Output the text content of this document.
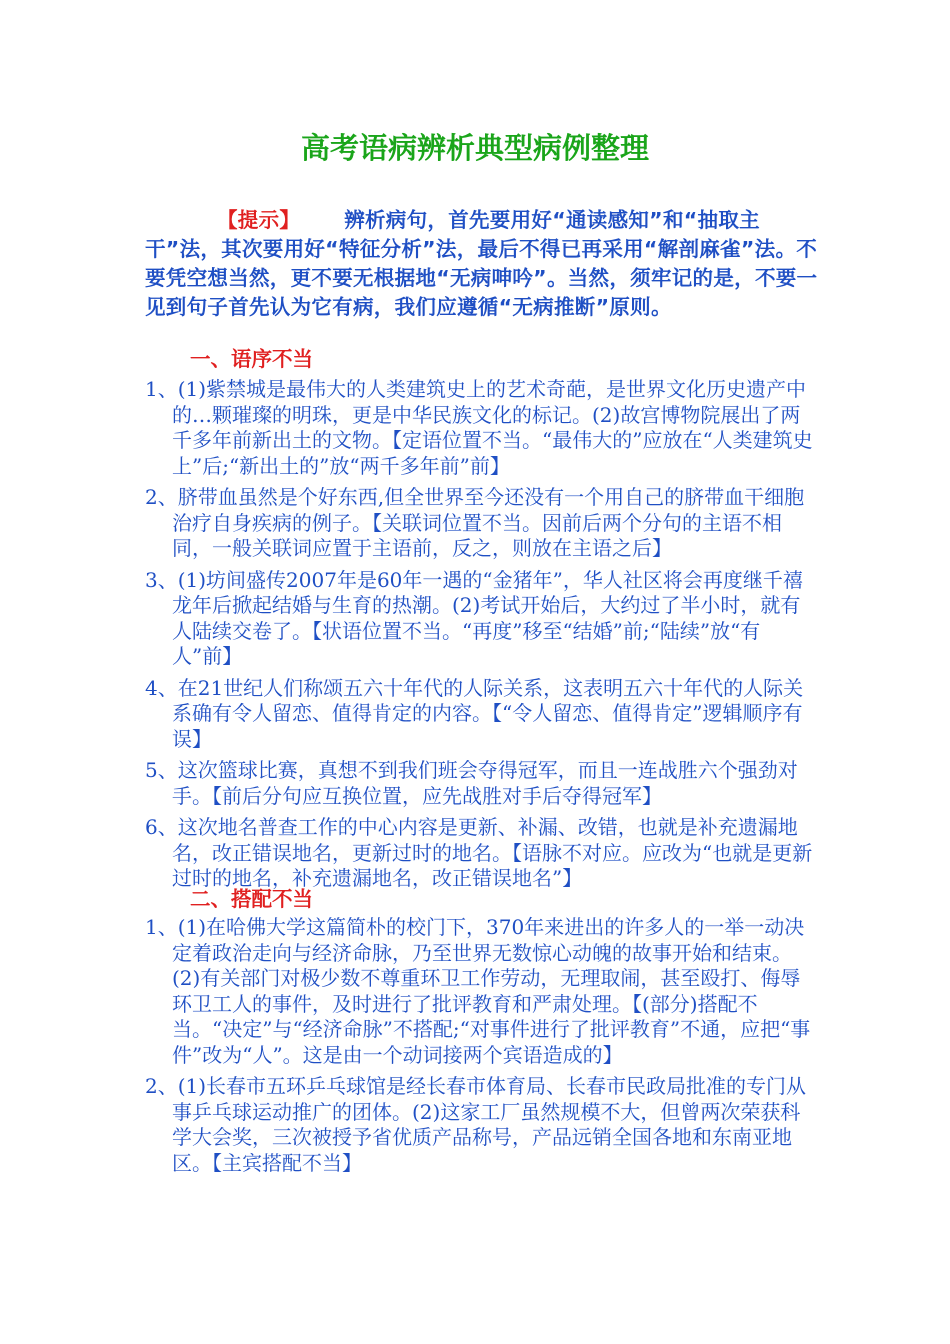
高考语病辨析典型病例整理
【提示】 辨析病句，首先要用好“通读感知”和“抽取主干”法，其次要用好“特征分析”法，最后不得已再采用“解剖麻雀”法。不要凭空想当然，更不要无根据地“无病呻吟”。当然，须牢记的是，不要一见到句子首先认为它有病，我们应遵循“无病推断”原则。
一、语序不当
1、(1)紫禁城是最伟大的人类建筑史上的艺术奇葩，是世界文化历史遗产中的…颗璀璨的明珠，更是中华民族文化的标记。(2)故宫博物院展出了两千多年前新出土的文物。【定语位置不当。“最伟大的”应放在“人类建筑史上”后;“新出土的”放“两千多年前”前】
2、脐带血虽然是个好东西,但全世界至今还没有一个用自己的脐带血干细胞治疗自身疾病的例子。【关联词位置不当。因前后两个分句的主语不相同，一般关联词应置于主语前，反之，则放在主语之后】
3、(1)坊间盛传2007年是60年一遇的“金猪年”，华人社区将会再度继千禧龙年后掀起结婚与生育的热潮。(2)考试开始后，大约过了半小时，就有人陆续交卷了。【状语位置不当。“再度”移至“结婚”前;“陆续”放“有人”前】
4、在21世纪人们称颂五六十年代的人际关系，这表明五六十年代的人际关系确有令人留恋、值得肯定的内容。【“令人留恋、值得肯定”逻辑顺序有误】
5、这次篮球比赛，真想不到我们班会夺得冠军，而且一连战胜六个强劲对手。【前后分句应互换位置，应先战胜对手后夺得冠军】
6、这次地名普查工作的中心内容是更新、补漏、改错，也就是补充遗漏地名，改正错误地名，更新过时的地名。【语脉不对应。应改为“也就是更新过时的地名，补充遗漏地名，改正错误地名”】
二、搭配不当
1、(1)在哈佛大学这篇简朴的校门下，370年来进出的许多人的一举一动决定着政治走向与经济命脉，乃至世界无数惊心动魄的故事开始和结束。(2)有关部门对极少数不尊重环卫工作劳动，无理取闹，甚至殴打、侮辱环卫工人的事件，及时进行了批评教育和严肃处理。【(部分)搭配不当。“决定”与“经济命脉”不搭配;“对事件进行了批评教育”不通，应把“事件”改为“人”。这是由一个动词接两个宾语造成的】
2、(1)长春市五环乒乓球馆是经长春市体育局、长春市民政局批准的专门从事乒乓球运动推广的团体。(2)这家工厂虽然规模不大，但曾两次荣获科学大会奖，三次被授予省优质产品称号，产品远销全国各地和东南亚地区。【主宾搭配不当】
